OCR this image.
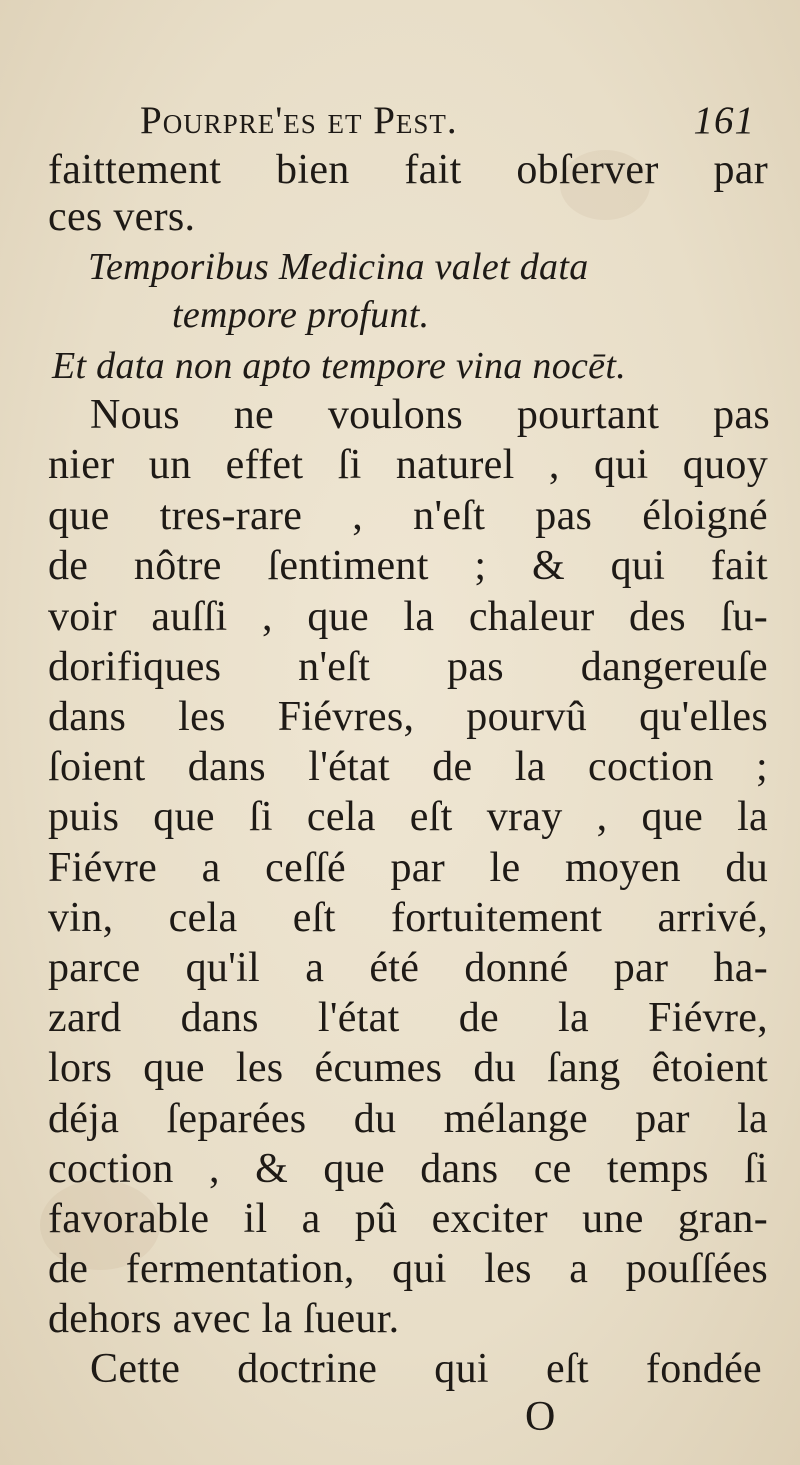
Pourpre'es et Pest.	161
faittement bien fait obſerver par
ces vers.
Temporibus Medicina valet data
tempore profunt.
Et data non apto tempore vina nocēt.
Nous ne voulons pourtant pas
nier un effet ſi naturel , qui quoy
que tres-rare , n'eſt pas éloigné
de nôtre ſentiment ; & qui fait
voir auſſi , que la chaleur des ſu-
dorifiques n'eſt pas dangereuſe
dans les Fiévres, pourvû qu'elles
ſoient dans l'état de la coction ;
puis que ſi cela eſt vray , que la
Fiévre a ceſſé par le moyen du
vin, cela eſt fortuitement arrivé,
parce qu'il a été donné par ha-
zard dans l'état de la Fiévre,
lors que les écumes du ſang êtoient
déja ſeparées du mélange par la
coction , & que dans ce temps ſi
favorable il a pû exciter une gran-
de fermentation, qui les a pouſſées
dehors avec la ſueur.
Cette doctrine qui eſt fondée
O
